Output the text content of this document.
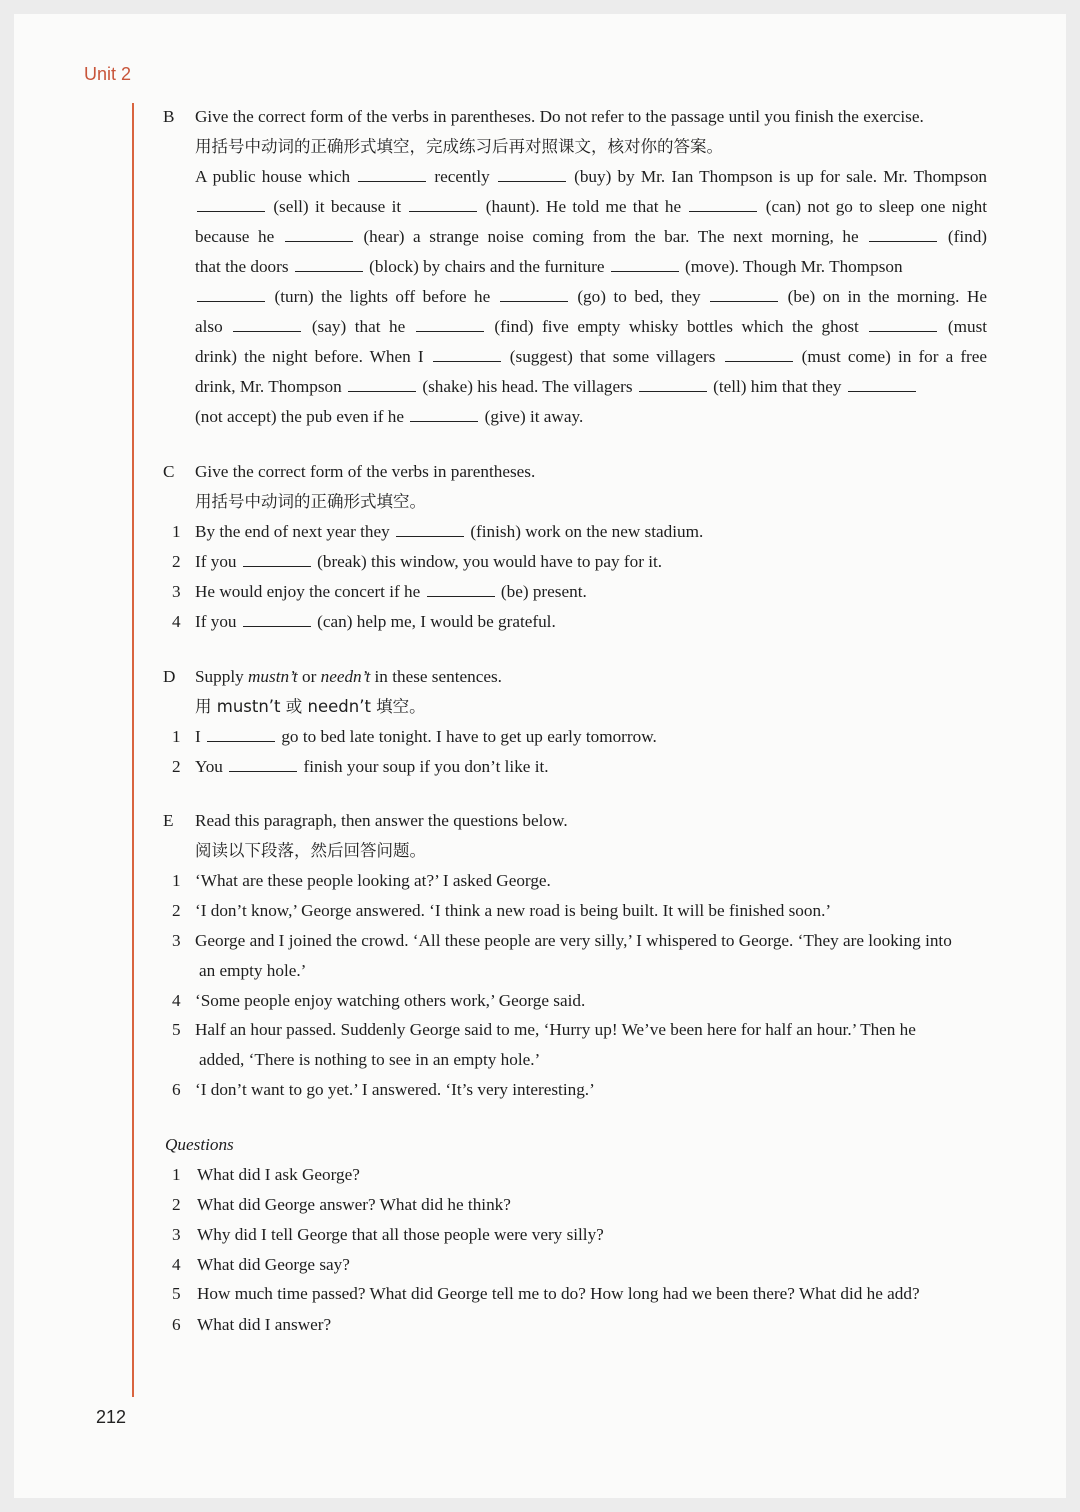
Unit 2
212
B Give the correct form of the verbs in parentheses. Do not refer to the passage until you finish the exercise.
用括号中动词的正确形式填空，完成练习后再对照课文，核对你的答案。
A public house which	recently	(buy) by Mr. Ian Thompson is up for sale. Mr. Thompson
(sell) it because it	(haunt). He told me that he	(can) not go to sleep one night
because he	(hear) a strange noise coming from the bar. The next morning, he	(find)
that the doors	(block) by chairs and the furniture	(move). Though Mr. Thompson
(turn) the lights off before he	(go) to bed, they	(be) on in the morning. He
also	(say) that he	(find) five empty whisky bottles which the ghost	(must
drink) the night before. When I	(suggest) that some villagers	(must come) in for a free
drink, Mr. Thompson	(shake) his head. The villagers	(tell) him that they
(not accept) the pub even if he	(give) it away.
C Give the correct form of the verbs in parentheses.
用括号中动词的正确形式填空。
1 By the end of next year they	(finish) work on the new stadium.
2 If you	(break) this window, you would have to pay for it.
3 He would enjoy the concert if he	(be) present.
4 If you	(can) help me, I would be grateful.
D Supply mustn’t or needn’t in these sentences.
用 mustn’t 或 needn’t 填空。
1 I	go to bed late tonight. I have to get up early tomorrow.
2 You	finish your soup if you don’t like it.
E Read this paragraph, then answer the questions below.
阅读以下段落，然后回答问题。
1 ‘What are these people looking at?’ I asked George.
2 ‘I don’t know,’ George answered. ‘I think a new road is being built. It will be finished soon.’
3 George and I joined the crowd. ‘All these people are very silly,’ I whispered to George. ‘They are looking into
an empty hole.’
4 ‘Some people enjoy watching others work,’ George said.
5 Half an hour passed. Suddenly George said to me, ‘Hurry up! We’ve been here for half an hour.’ Then he
added, ‘There is nothing to see in an empty hole.’
6 ‘I don’t want to go yet.’ I answered. ‘It’s very interesting.’
Questions
1 What did I ask George?
2 What did George answer? What did he think?
3 Why did I tell George that all those people were very silly?
4 What did George say?
5 How much time passed? What did George tell me to do? How long had we been there? What did he add?
6 What did I answer?
